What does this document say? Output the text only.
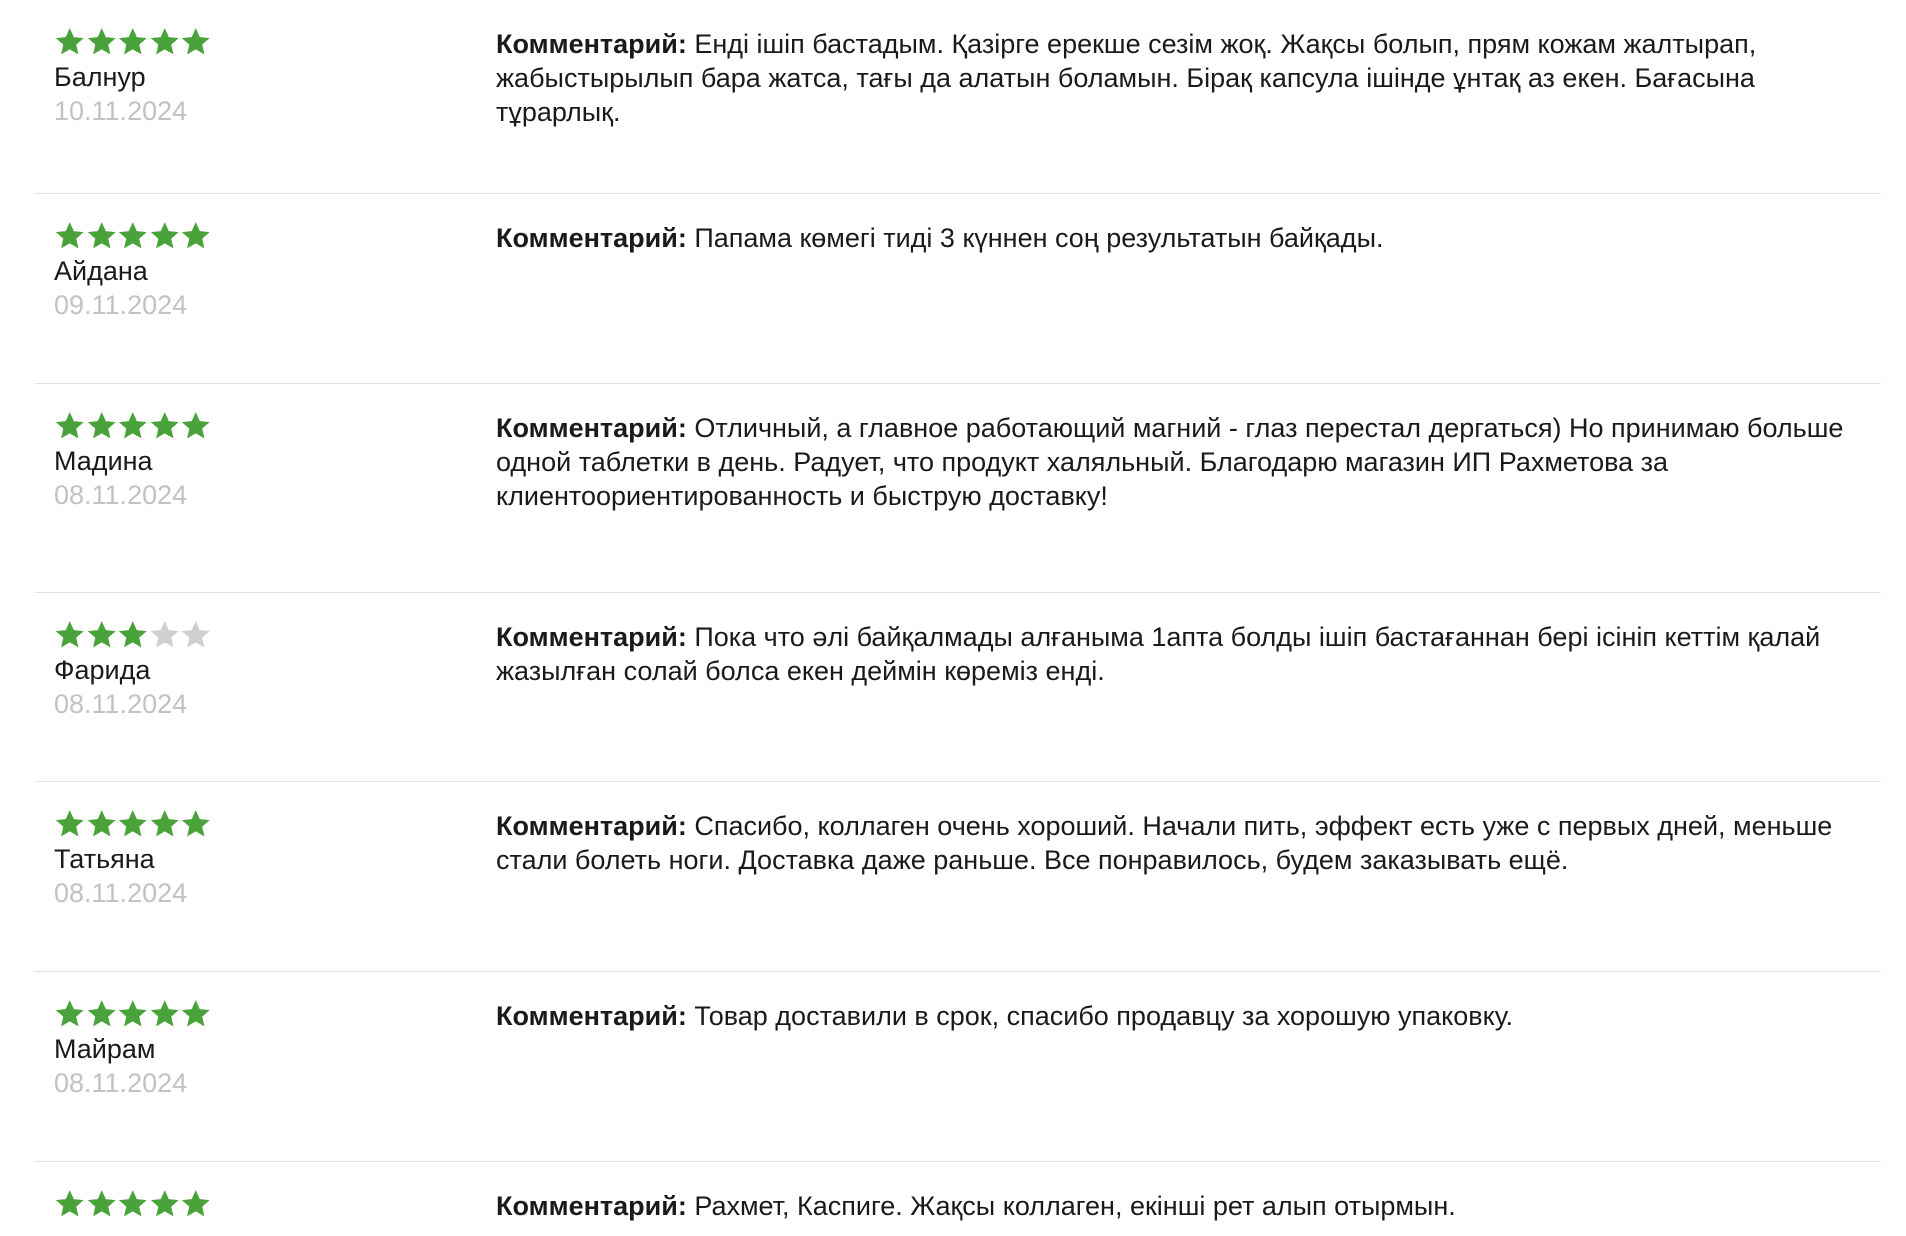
Балнур
10.11.2024
Комментарий: Енді ішіп бастадым. Қазірге ерекше сезім жоқ. Жақсы болып, прям кожам жалтырап, жабыстырылып бара жатса, тағы да алатын боламын. Бірақ капсула ішінде ұнтақ аз екен. Бағасына тұрарлық.
Айдана
09.11.2024
Комментарий: Папама көмегі тиді 3 күннен соң результатын байқады.
Мадина
08.11.2024
Комментарий: Отличный, а главное работающий магний - глаз перестал дергаться) Но принимаю больше одной таблетки в день. Радует, что продукт халяльный. Благодарю магазин ИП Рахметова за клиентоориентированность и быструю доставку!
Фарида
08.11.2024
Комментарий: Пока что әлі байқалмады алғаныма 1апта болды ішіп бастағаннан бері ісініп кеттім қалай жазылған солай болса екен деймін көреміз енді.
Татьяна
08.11.2024
Комментарий: Спасибо, коллаген очень хороший. Начали пить, эффект есть уже с первых дней, меньше стали болеть ноги. Доставка даже раньше. Все понравилось, будем заказывать ещё.
Майрам
08.11.2024
Комментарий: Товар доставили в срок, спасибо продавцу за хорошую упаковку.
Комментарий: Рахмет, Каспиге. Жақсы коллаген, екінші рет алып отырмын.
